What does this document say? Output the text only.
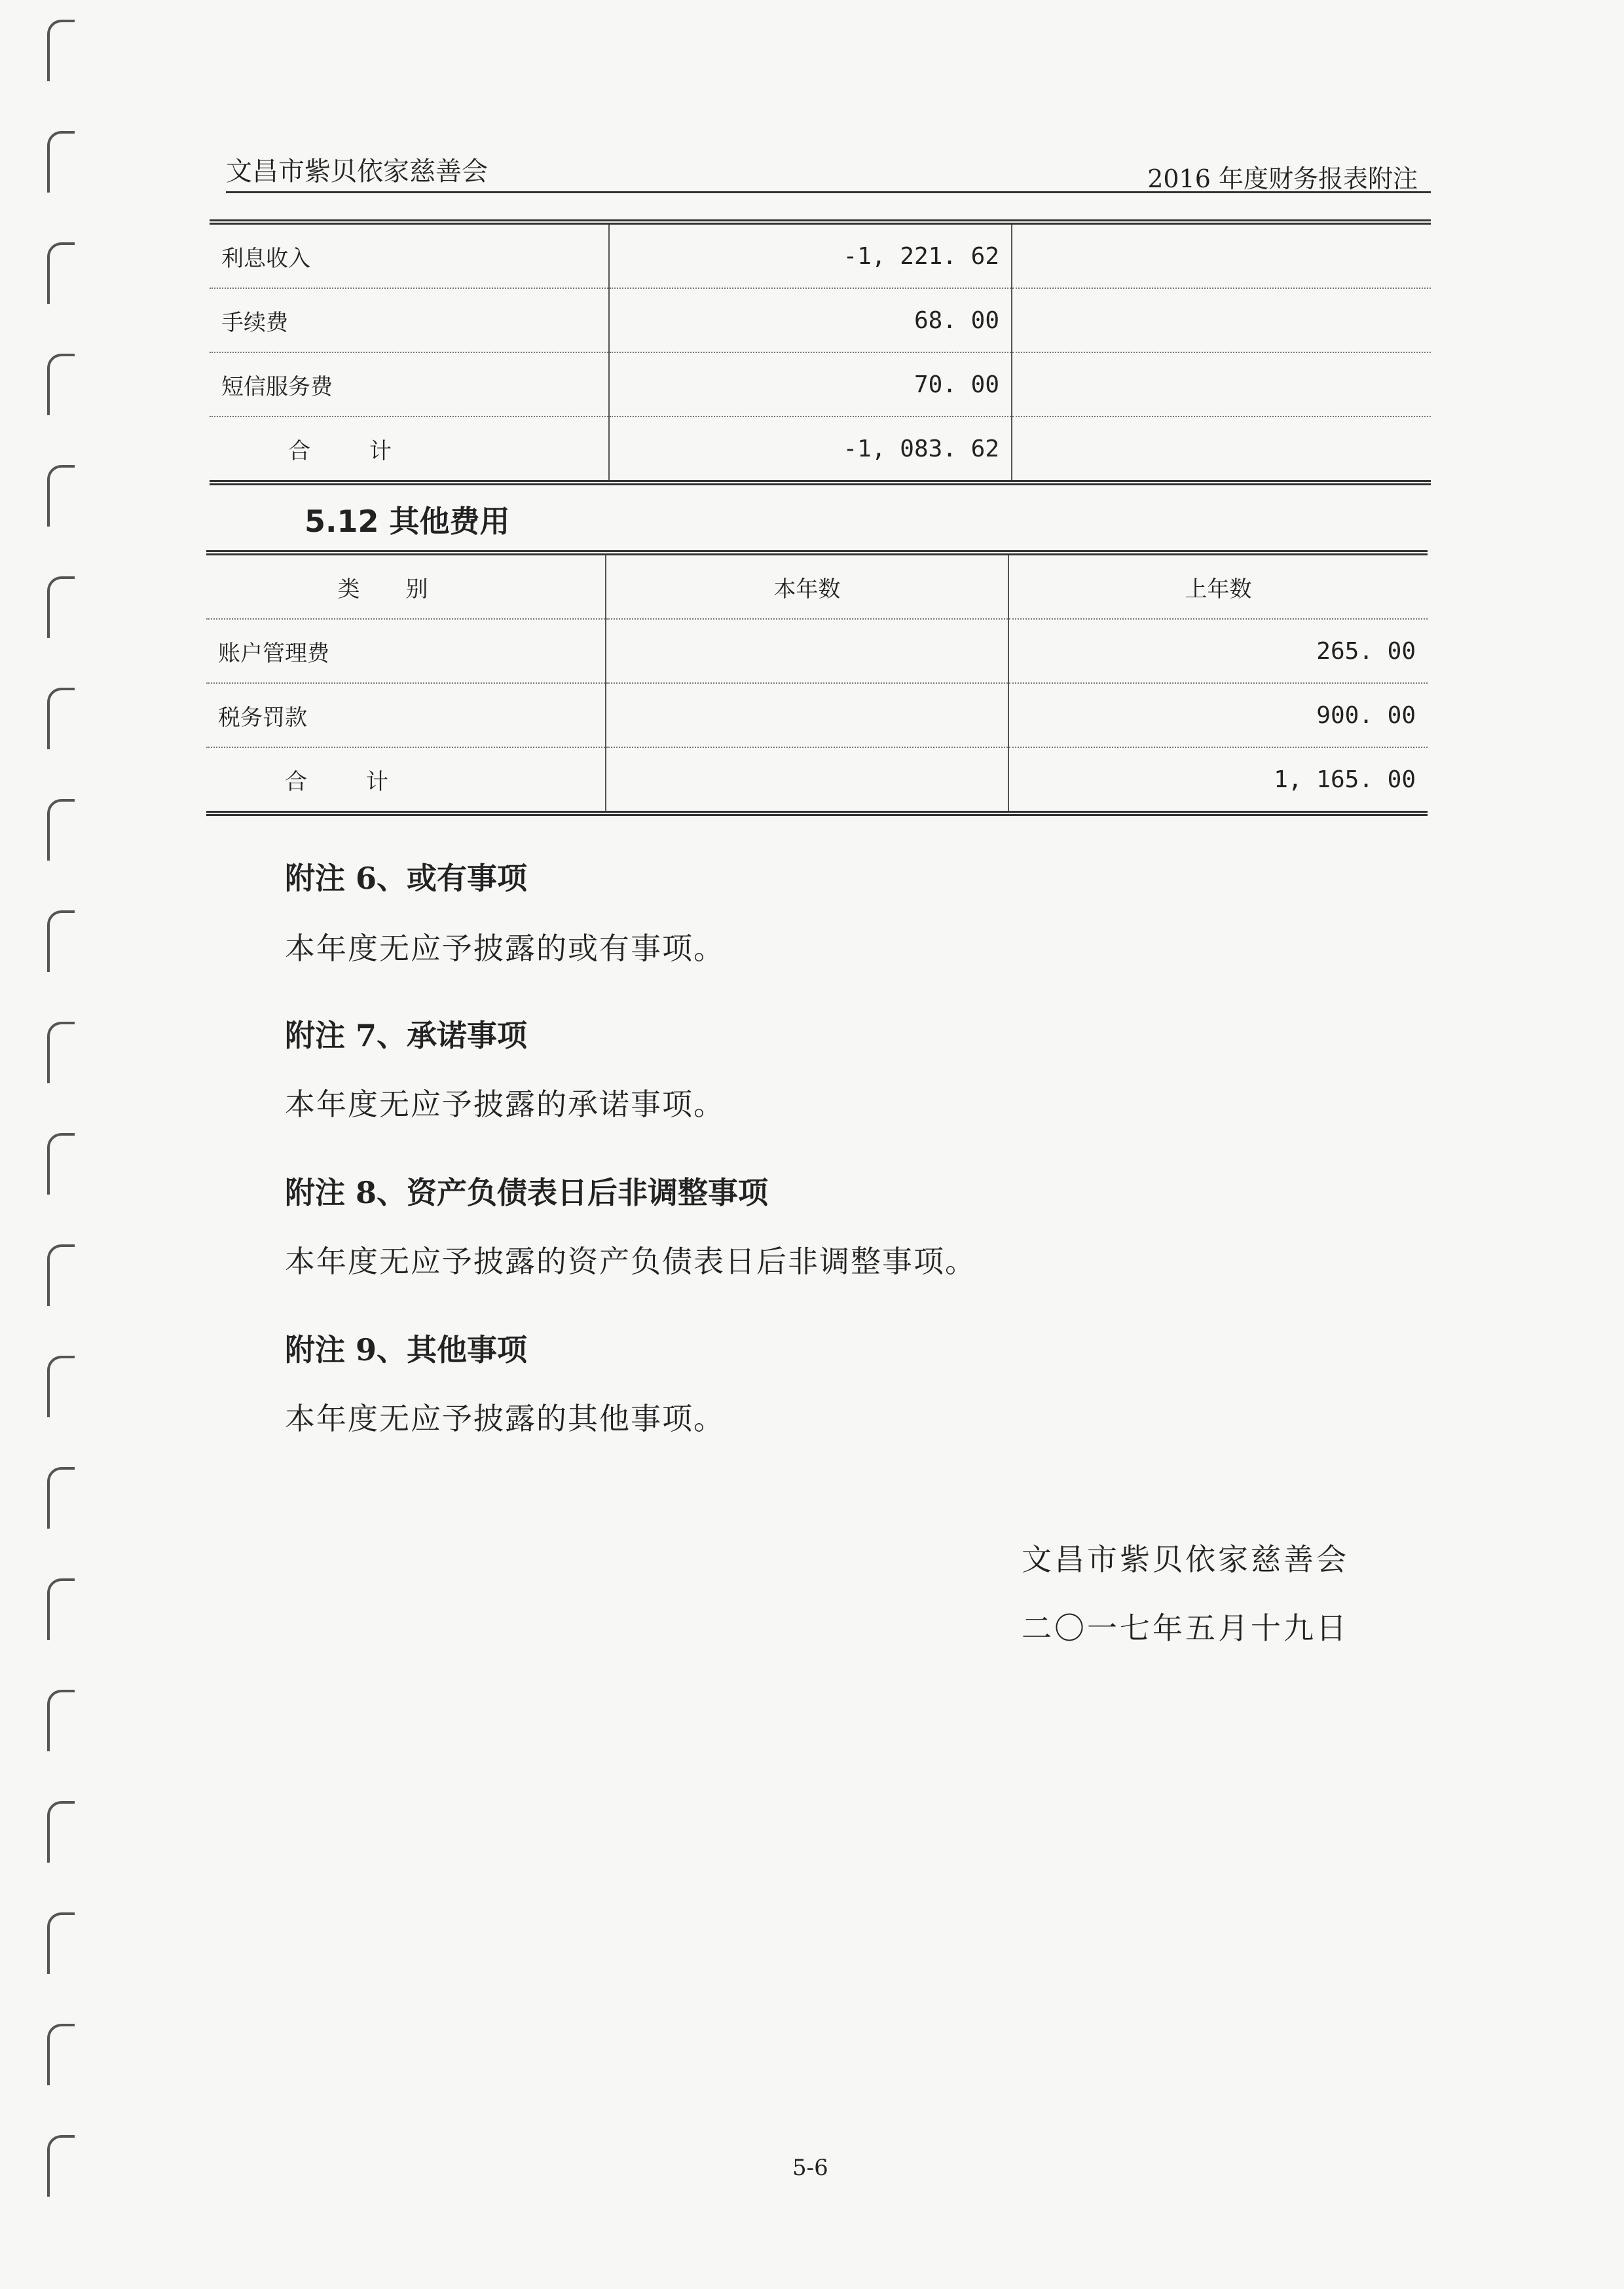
文昌市紫贝依家慈善会	2016 年度财务报表附注
利息收入	-1, 221. 62	
手续费	68. 00	
短信服务费	70. 00	
合计	-1, 083. 62	
5.12 其他费用
类别	本年数	上年数
账户管理费		265. 00
税务罚款		900. 00
合计		1, 165. 00
附注 6、或有事项
本年度无应予披露的或有事项。
附注 7、承诺事项
本年度无应予披露的承诺事项。
附注 8、资产负债表日后非调整事项
本年度无应予披露的资产负债表日后非调整事项。
附注 9、其他事项
本年度无应予披露的其他事项。
文昌市紫贝依家慈善会
二〇一七年五月十九日
5-6
